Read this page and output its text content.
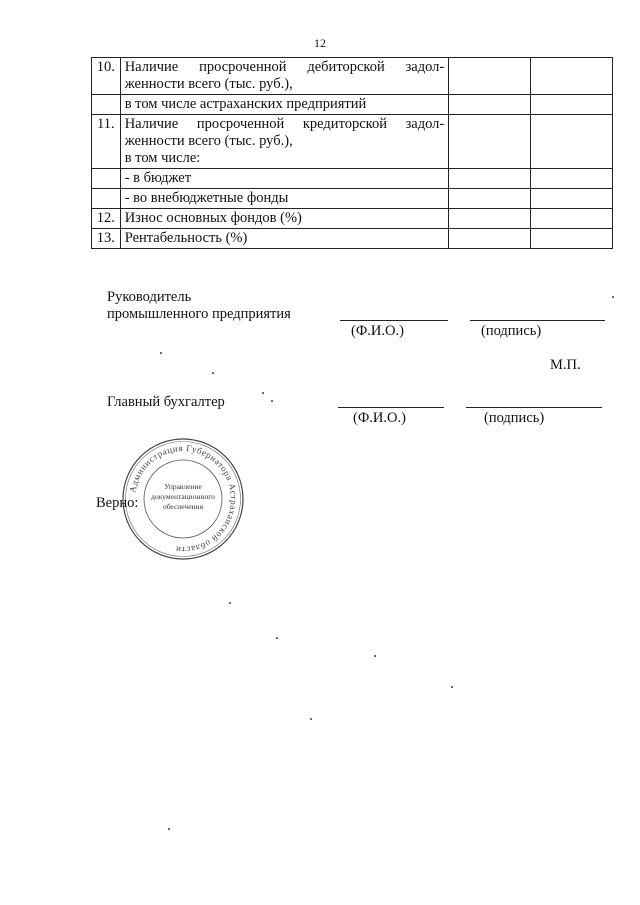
12
10.	Наличие просроченной дебиторской задол-
женности всего (тыс. руб.),		

	в том числе астраханских предприятий		

11.	Наличие просроченной кредиторской задол-
женности всего (тыс. руб.),
в том числе:		

	- в бюджет		

	- во внебюджетные фонды		

12.	Износ основных фондов (%)		

13.	Рентабельность (%)		

Руководитель
промышленного предприятия
(Ф.И.О.)	(подпись)
М.П.
Главный бухгалтер
(Ф.И.О.)	(подпись)
Администрация Губернатора Астраханской области
Управление
документационного
обеспечения
Верно:
